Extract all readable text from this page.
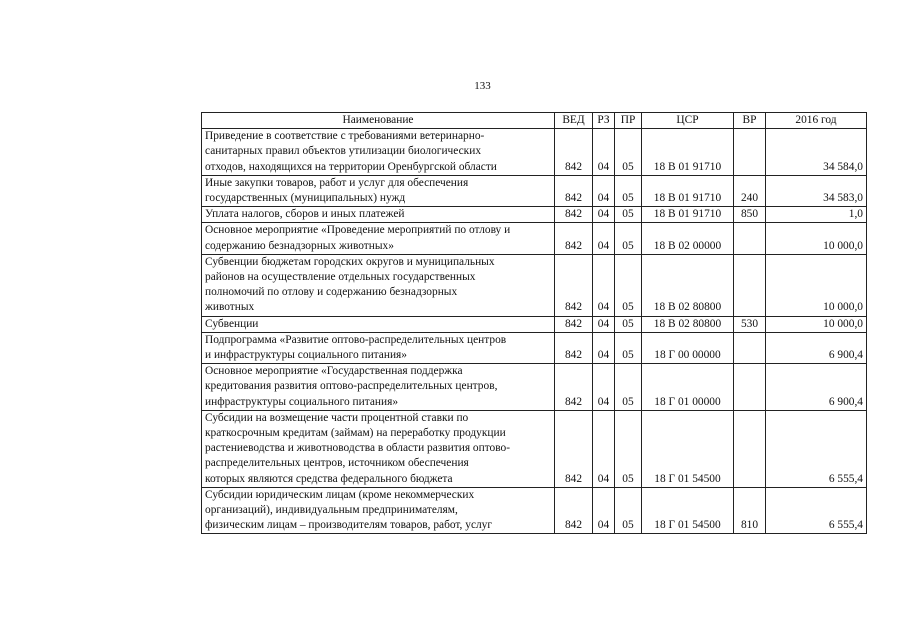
133
Наименование	ВЕД	РЗ	ПР	ЦСР	ВР	2016 год

Приведение в соответствие с требованиями ветеринарно-
санитарных правил объектов утилизации биологических
отходов, находящихся на территории Оренбургской области	842	04	05	18 В 01 91710		34 584,0

Иные закупки товаров, работ и услуг для обеспечения
государственных (муниципальных) нужд	842	04	05	18 В 01 91710	240	34 583,0

Уплата налогов, сборов и иных платежей	842	04	05	18 В 01 91710	850	1,0

Основное мероприятие «Проведение мероприятий по отлову и
содержанию безнадзорных животных»	842	04	05	18 В 02 00000		10 000,0

Субвенции бюджетам городских округов и муниципальных
районов на осуществление отдельных государственных
полномочий по отлову и содержанию безнадзорных
животных	842	04	05	18 В 02 80800		10 000,0

Субвенции	842	04	05	18 В 02 80800	530	10 000,0

Подпрограмма «Развитие оптово-распределительных центров
и инфраструктуры социального питания»	842	04	05	18 Г 00 00000		6 900,4

Основное мероприятие «Государственная поддержка
кредитования развития оптово-распределительных центров,
инфраструктуры социального питания»	842	04	05	18 Г 01 00000		6 900,4

Субсидии на возмещение части процентной ставки по
краткосрочным кредитам (займам) на переработку продукции
растениеводства и животноводства в области развития оптово-
распределительных центров, источником обеспечения
которых являются средства федерального бюджета	842	04	05	18 Г 01 54500		6 555,4

Субсидии юридическим лицам (кроме некоммерческих
организаций), индивидуальным предпринимателям,
физическим лицам – производителям товаров, работ, услуг	842	04	05	18 Г 01 54500	810	6 555,4
